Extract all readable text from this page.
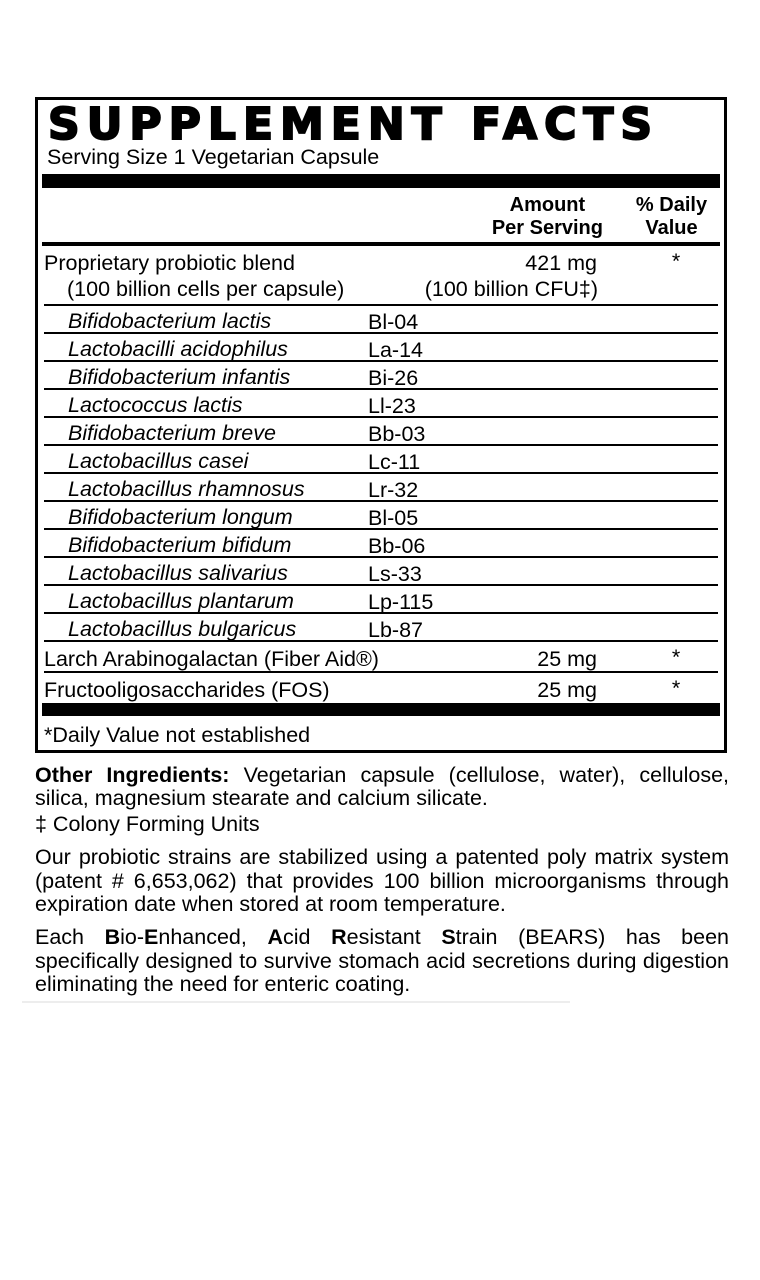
SUPPLEMENT FACTS
Serving Size 1 Vegetarian Capsule
Amount
Per Serving
% Daily
Value
Proprietary probiotic blend	421 mg	*
(100 billion cells per capsule)	(100 billion CFU‡)
Bifidobacterium lactis	Bl-04
Lactobacilli acidophilus	La-14
Bifidobacterium infantis	Bi-26
Lactococcus lactis	Ll-23
Bifidobacterium breve	Bb-03
Lactobacillus casei	Lc-11
Lactobacillus rhamnosus	Lr-32
Bifidobacterium longum	Bl-05
Bifidobacterium bifidum	Bb-06
Lactobacillus salivarius	Ls-33
Lactobacillus plantarum	Lp-115
Lactobacillus bulgaricus	Lb-87
Larch Arabinogalactan (Fiber Aid®)	25 mg	*
Fructooligosaccharides (FOS)	25 mg	*
*Daily Value not established

Other Ingredients: Vegetarian capsule (cellulose, water), cellulose, silica, magnesium stearate and calcium silicate.

‡ Colony Forming Units

Our probiotic strains are stabilized using a patented poly matrix system (patent # 6,653,062) that provides 100 billion microorganisms through expiration date when stored at room temperature.

Each Bio-Enhanced, Acid Resistant Strain (BEARS) has been specifically designed to survive stomach acid secretions during digestion eliminating the need for enteric coating.
